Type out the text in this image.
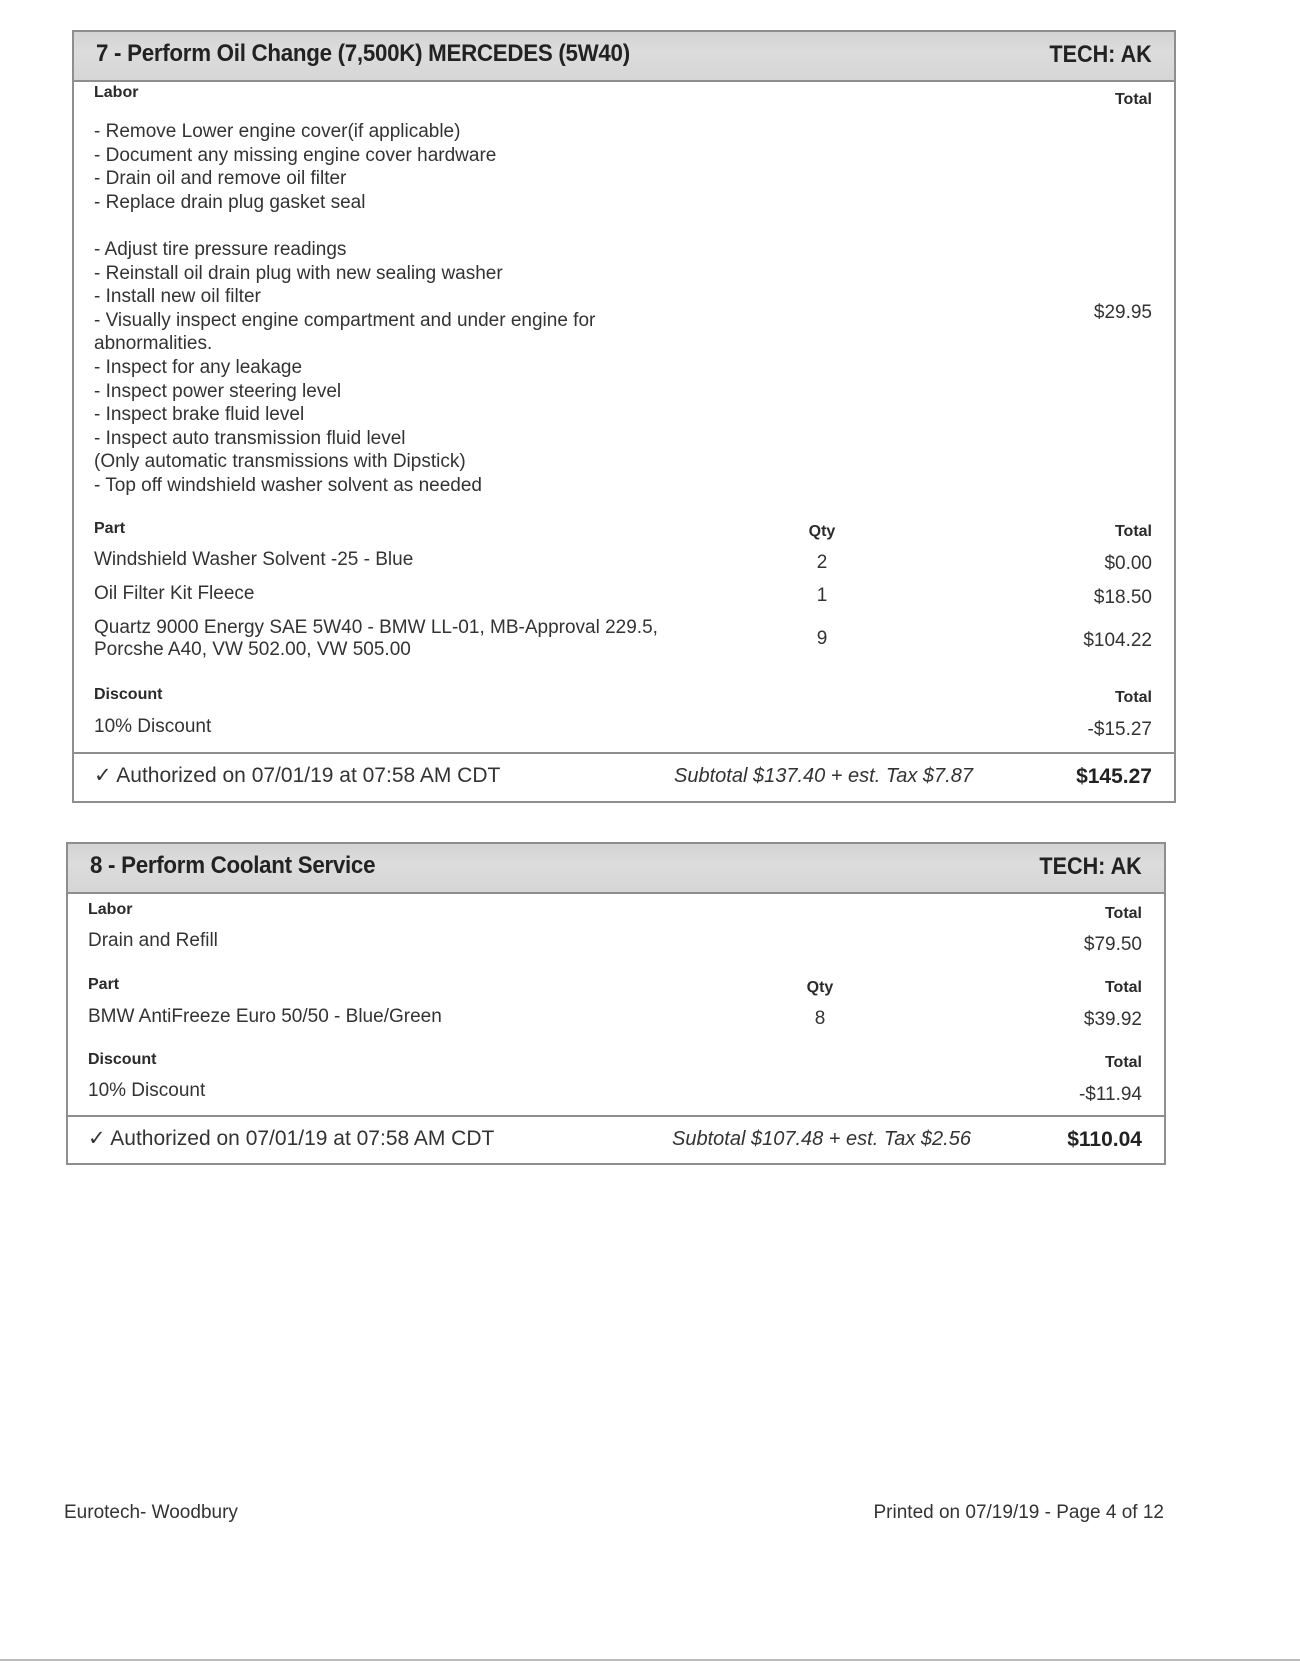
7 - Perform Oil Change (7,500K) MERCEDES (5W40)	TECH: AK
Labor	Total
- Remove Lower engine cover(if applicable)
- Document any missing engine cover hardware
- Drain oil and remove oil filter
- Replace drain plug gasket seal
- Adjust tire pressure readings
- Reinstall oil drain plug with new sealing washer
- Install new oil filter
- Visually inspect engine compartment and under engine for
abnormalities.
- Inspect for any leakage
- Inspect power steering level
- Inspect brake fluid level
- Inspect auto transmission fluid level
(Only automatic transmissions with Dipstick)
- Top off windshield washer solvent as needed
$29.95
Part	Qty	Total
Windshield Washer Solvent -25 - Blue	2	$0.00
Oil Filter Kit Fleece	1	$18.50
Quartz 9000 Energy SAE 5W40 - BMW LL-01, MB-Approval 229.5,
Porcshe A40, VW 502.00, VW 505.00
9	$104.22
Discount	Total
10% Discount	-$15.27
✓ Authorized on 07/01/19 at 07:58 AM CDT	Subtotal $137.40 + est. Tax $7.87	$145.27
8 - Perform Coolant Service	TECH: AK
Labor	Total
Drain and Refill	$79.50
Part	Qty	Total
BMW AntiFreeze Euro 50/50 - Blue/Green	8	$39.92
Discount	Total
10% Discount	-$11.94
✓ Authorized on 07/01/19 at 07:58 AM CDT	Subtotal $107.48 + est. Tax $2.56	$110.04
Eurotech- Woodbury	Printed on 07/19/19 - Page 4 of 12
